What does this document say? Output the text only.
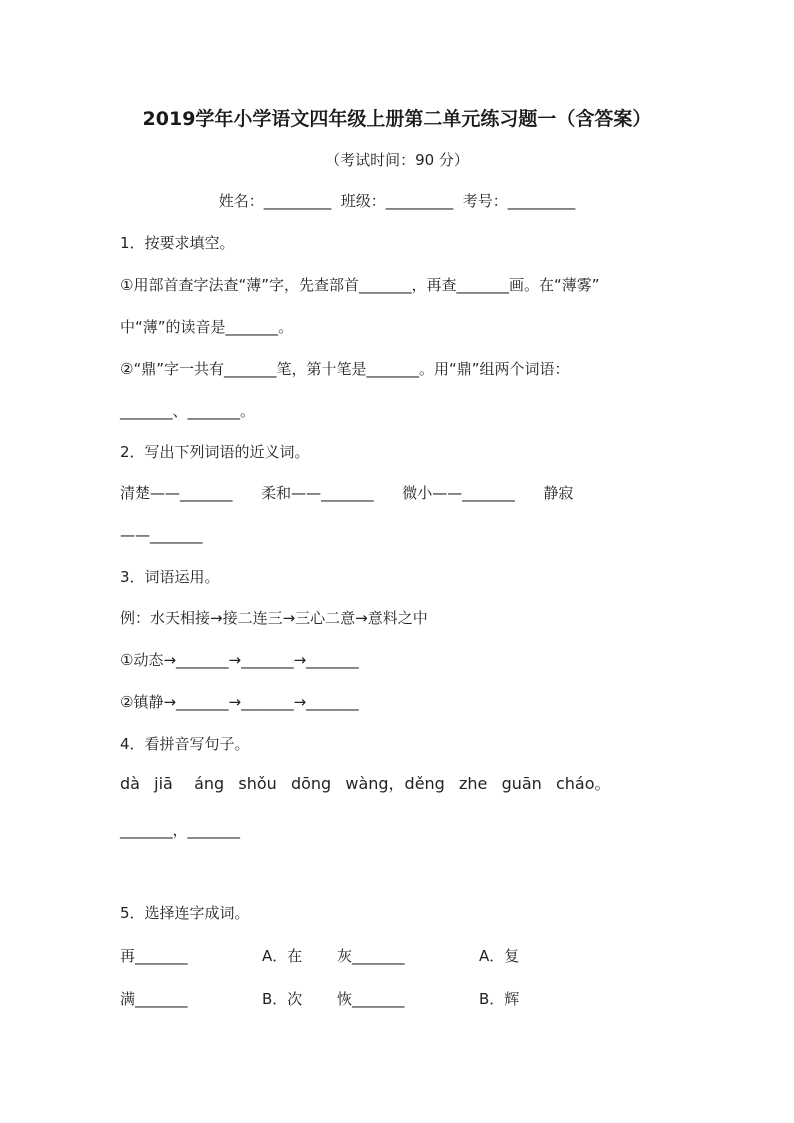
2019学年小学语文四年级上册第二单元练习题一（含答案）
（考试时间：90 分）
姓名：_________  班级：_________  考号：_________
1．按要求填空。
①用部首查字法查“薄”字，先查部首_______，再查_______画。在“薄雾”
中“薄”的读音是_______。
②“鼎”字一共有_______笔，第十笔是_______。用“鼎”组两个词语：
_______、_______。
2．写出下列词语的近义词。
清楚——_______      柔和——_______      微小——_______      静寂
——_______
3．词语运用。
例：水天相接→接二连三→三心二意→意料之中
①动态→_______→_______→_______
②镇静→_______→_______→_______
4．看拼音写句子。
dà  jiā   áng  shǒu  dōng  wàng，děng  zhe  guān  cháo。
_______，_______
5．选择连字成词。
再_______	A．在 灰_______	A．复
满_______	B．次 恢_______	B．辉
